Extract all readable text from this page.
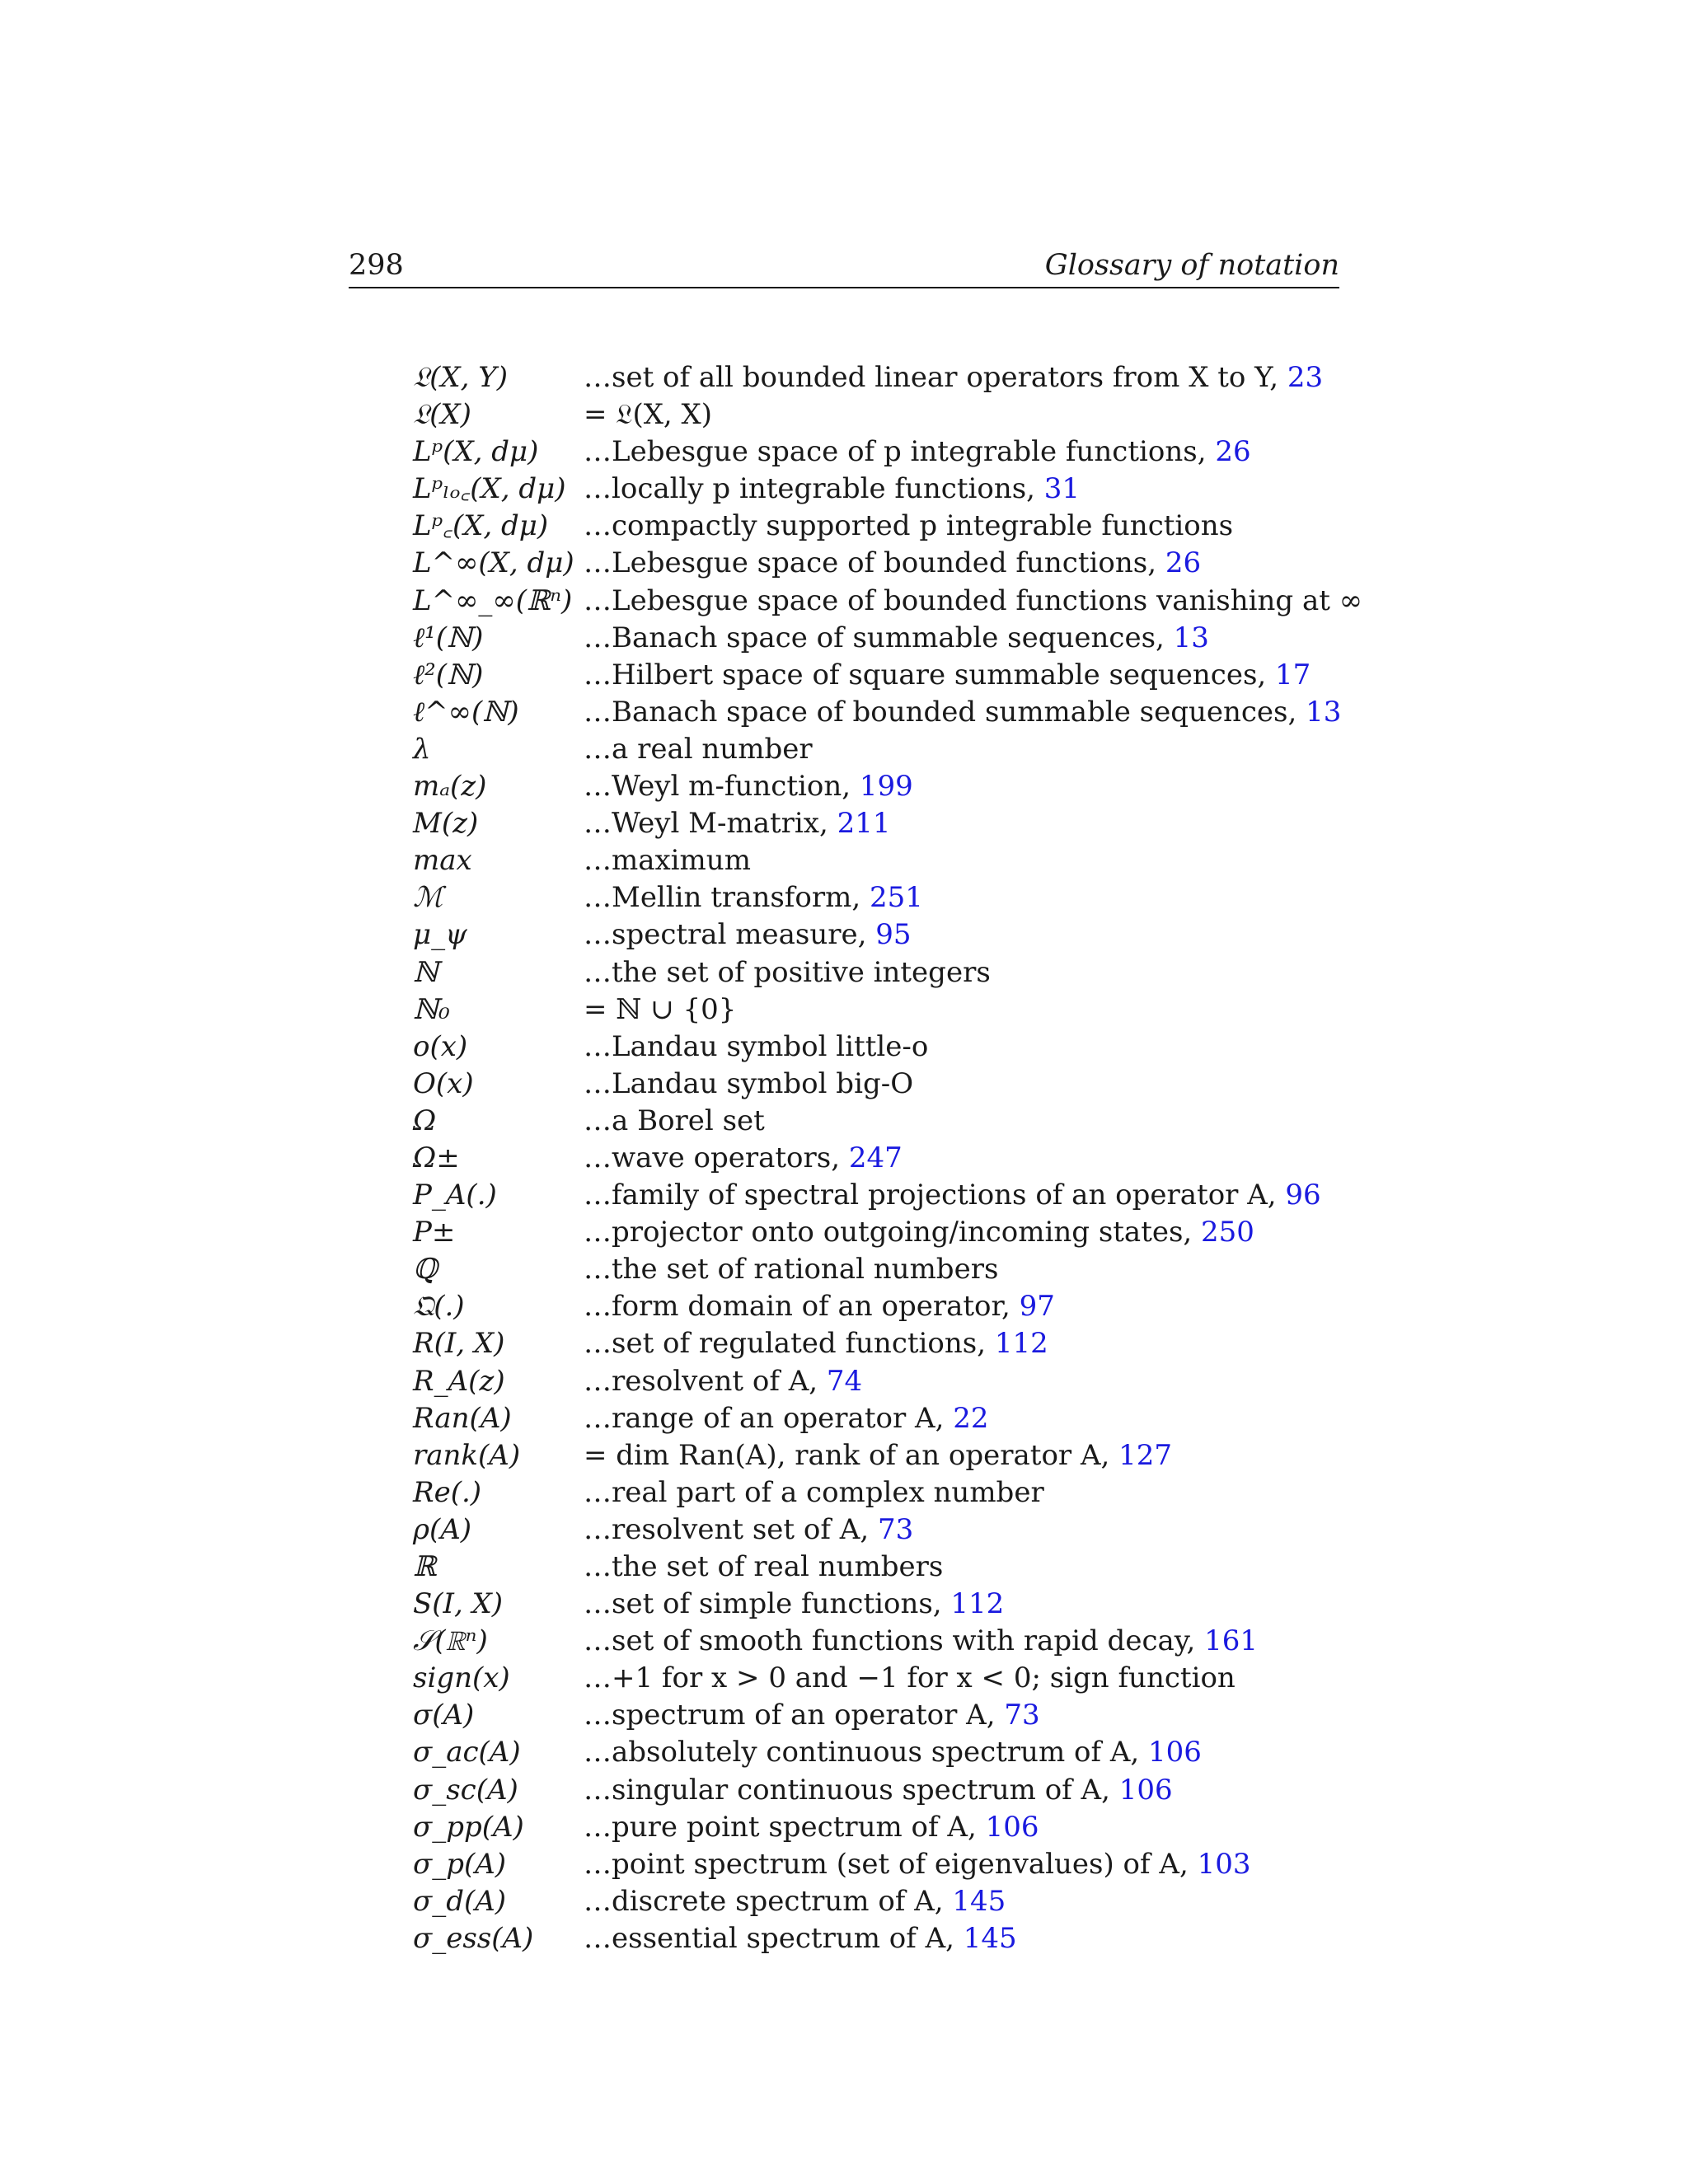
298	Glossary of notation
𝔏(X, Y)	…set of all bounded linear operators from X to Y, 23
𝔏(X)	= 𝔏(X, X)
Lᵖ(X, dμ) …Lebesgue space of p integrable functions, 26
Lᵖₗₒ꜀(X, dμ) …locally p integrable functions, 31
Lᵖ꜀(X, dμ) …compactly supported p integrable functions
L^∞(X, dμ) …Lebesgue space of bounded functions, 26
L^∞_∞(ℝⁿ) …Lebesgue space of bounded functions vanishing at ∞
ℓ¹(ℕ)	…Banach space of summable sequences, 13
ℓ²(ℕ)	…Hilbert space of square summable sequences, 17
ℓ^∞(ℕ) …Banach space of bounded summable sequences, 13
λ	…a real number
mₐ(z)	…Weyl m-function, 199
M(z)	…Weyl M-matrix, 211
max	…maximum
ℳ	…Mellin transform, 251
μ_ψ	…spectral measure, 95
ℕ	…the set of positive integers
ℕ₀	= ℕ ∪ {0}
o(x)	…Landau symbol little-o
O(x)	…Landau symbol big-O
Ω	…a Borel set
Ω±	…wave operators, 247
P_A(.)	…family of spectral projections of an operator A, 96
P±	…projector onto outgoing/incoming states, 250
ℚ	…the set of rational numbers
𝔔(.)	…form domain of an operator, 97
R(I, X)	…set of regulated functions, 112
R_A(z)	…resolvent of A, 74
Ran(A)	…range of an operator A, 22
rank(A) = dim Ran(A), rank of an operator A, 127
Re(.)	…real part of a complex number
ρ(A)	…resolvent set of A, 73
ℝ	…the set of real numbers
S(I, X)	…set of simple functions, 112
𝒮(ℝⁿ)	…set of smooth functions with rapid decay, 161
sign(x)	…+1 for x > 0 and −1 for x < 0; sign function
σ(A)	…spectrum of an operator A, 73
σ_ac(A) …absolutely continuous spectrum of A, 106
σ_sc(A) …singular continuous spectrum of A, 106
σ_pp(A) …pure point spectrum of A, 106
σ_p(A)	…point spectrum (set of eigenvalues) of A, 103
σ_d(A)	…discrete spectrum of A, 145
σ_ess(A) …essential spectrum of A, 145
